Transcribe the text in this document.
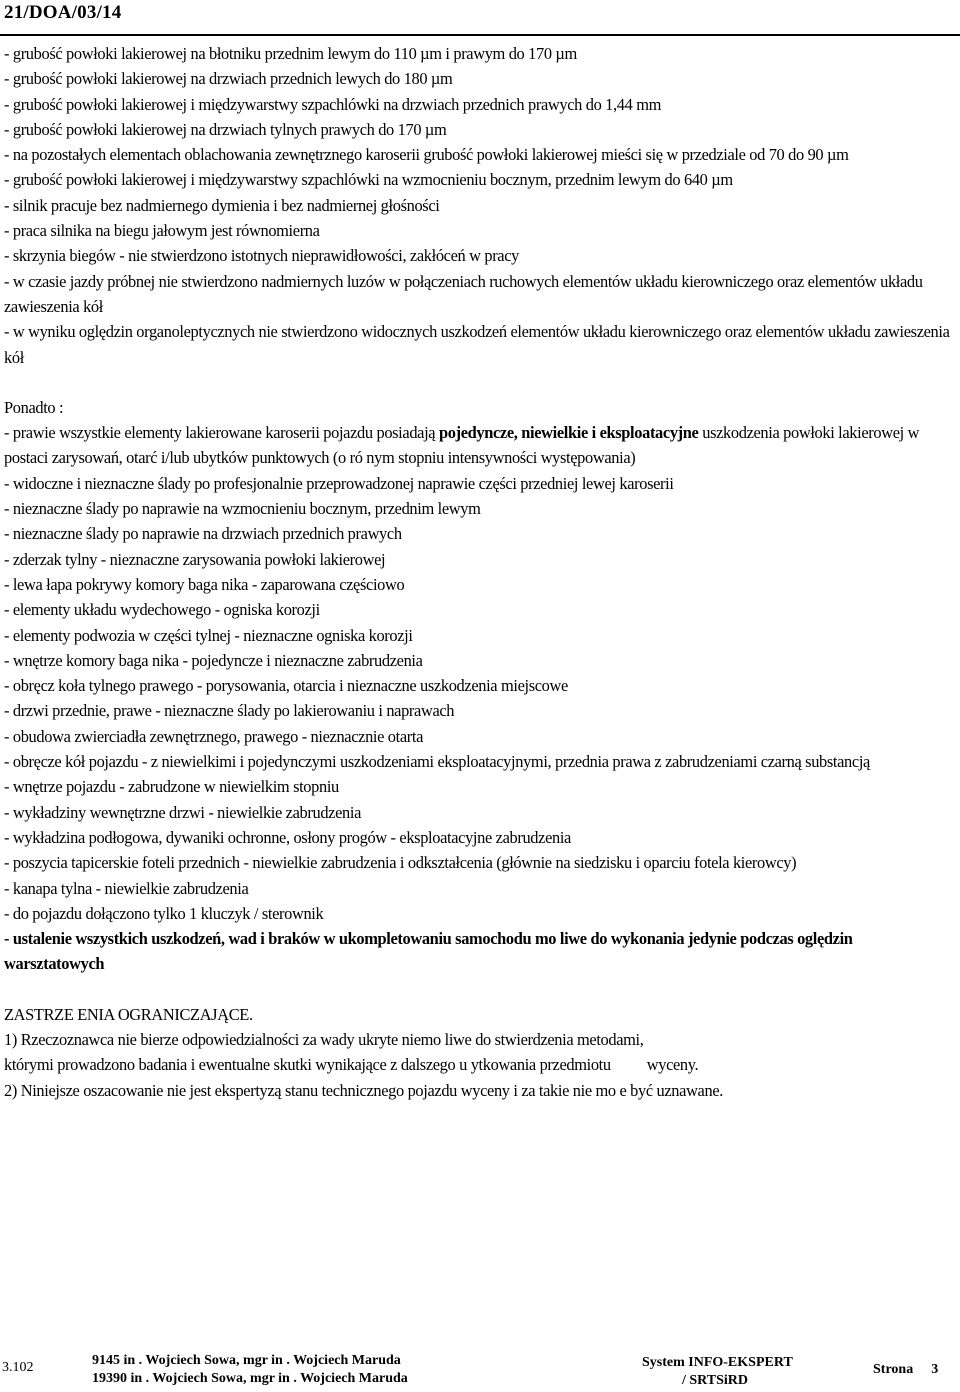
21/DOA/03/14

- grubość powłoki lakierowej na błotniku przednim lewym do 110 µm i prawym do 170 µm

- grubość powłoki lakierowej na drzwiach przednich lewych do 180 µm

- grubość powłoki lakierowej i międzywarstwy szpachlówki na drzwiach przednich prawych do 1,44 mm

- grubość powłoki lakierowej na drzwiach tylnych prawych do 170 µm

- na pozostałych elementach oblachowania zewnętrznego karoserii grubość powłoki lakierowej mieści się w przedziale od 70 do 90 µm

- grubość powłoki lakierowej i międzywarstwy szpachlówki na wzmocnieniu bocznym, przednim lewym do 640 µm

- silnik pracuje bez nadmiernego dymienia i bez nadmiernej głośności

- praca silnika na biegu jałowym jest równomierna

- skrzynia biegów - nie stwierdzono istotnych nieprawidłowości, zakłóceń w pracy

- w czasie jazdy próbnej nie stwierdzono nadmiernych luzów w połączeniach ruchowych elementów układu kierowniczego oraz elementów układu zawieszenia kół

- w wyniku oględzin organoleptycznych nie stwierdzono widocznych uszkodzeń elementów układu kierowniczego oraz elementów układu zawieszenia kół

Ponadto :

- prawie wszystkie elementy lakierowane karoserii pojazdu posiadają pojedyncze, niewielkie i eksploatacyjne uszkodzenia powłoki lakierowej w postaci zarysowań, otarć i/lub ubytków punktowych (o ró nym stopniu intensywności występowania)

- widoczne i nieznaczne ślady po profesjonalnie przeprowadzonej naprawie części przedniej lewej karoserii

- nieznaczne ślady po naprawie na wzmocnieniu bocznym, przednim lewym

- nieznaczne ślady po naprawie na drzwiach przednich prawych

- zderzak tylny - nieznaczne zarysowania powłoki lakierowej

- lewa łapa pokrywy komory baga nika - zaparowana częściowo

- elementy układu wydechowego - ogniska korozji

- elementy podwozia w części tylnej - nieznaczne ogniska korozji

- wnętrze komory baga nika - pojedyncze i nieznaczne zabrudzenia

- obręcz koła tylnego prawego - porysowania, otarcia i nieznaczne uszkodzenia miejscowe

- drzwi przednie, prawe - nieznaczne ślady po lakierowaniu i naprawach

- obudowa zwierciadła zewnętrznego, prawego - nieznacznie otarta

- obręcze kół pojazdu - z niewielkimi i pojedynczymi uszkodzeniami eksploatacyjnymi, przednia prawa z zabrudzeniami czarną substancją

- wnętrze pojazdu - zabrudzone w niewielkim stopniu

- wykładziny wewnętrzne drzwi - niewielkie zabrudzenia

- wykładzina podłogowa, dywaniki ochronne, osłony progów - eksploatacyjne zabrudzenia

- poszycia tapicerskie foteli przednich - niewielkie zabrudzenia i odkształcenia (głównie na siedzisku i oparciu fotela kierowcy)

- kanapa tylna - niewielkie zabrudzenia

- do pojazdu dołączono tylko 1 kluczyk / sterownik

- ustalenie wszystkich uszkodzeń, wad i braków w ukompletowaniu samochodu mo liwe do wykonania jedynie podczas oględzin warsztatowych

ZASTRZE ENIA OGRANICZAJĄCE.

1) Rzeczoznawca nie bierze odpowiedzialności za wady ukryte niemo liwe do stwierdzenia metodami,

którymi prowadzono badania i ewentualne skutki wynikające z dalszego u ytkowania przedmiotu wyceny.

2) Niniejsze oszacowanie nie jest ekspertyzą stanu technicznego pojazdu wyceny i za takie nie mo e być uznawane.

3.102	9145 in . Wojciech Sowa, mgr in . Wojciech Maruda
19390 in . Wojciech Sowa, mgr in . Wojciech Maruda
System INFO-EKSPERT
/ SRTSiRD
Strona 3
